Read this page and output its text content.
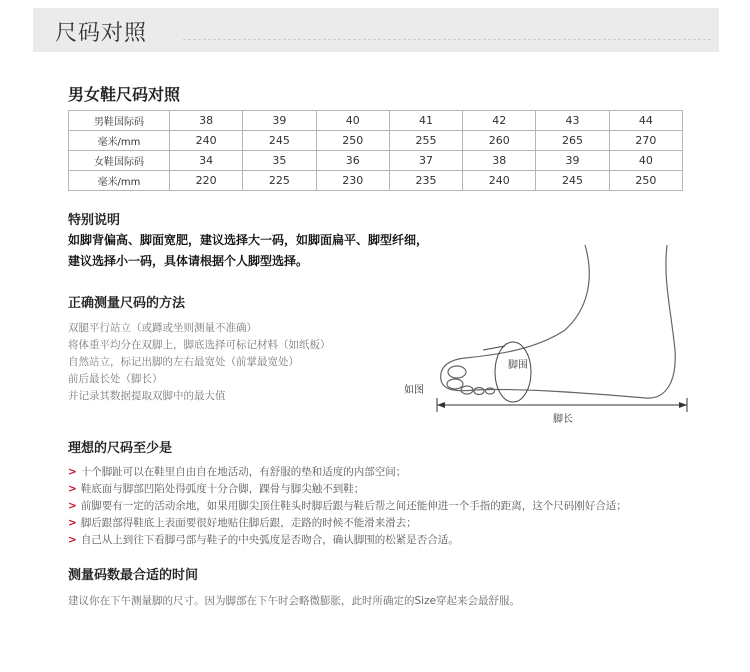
尺码对照
男女鞋尺码对照
男鞋国际码	38	39	40	41	42	43	44
毫米/mm	240	245	250	255	260	265	270
女鞋国际码	34	35	36	37	38	39	40
毫米/mm	220	225	230	235	240	245	250
特别说明
如脚背偏高、脚面宽肥，建议选择大一码，如脚面扁平、脚型纤细，
建议选择小一码，具体请根据个人脚型选择。
正确测量尺码的方法
双腿平行站立（或蹲或坐则测量不准确）
将体重平均分在双脚上，脚底选择可标记材料（如纸板）
自然站立，标记出脚的左右最宽处（前掌最宽处）
前后最长处（脚长）
并记录其数据提取双脚中的最大值
脚围
如图
脚长
理想的尺码至少是
> 十个脚趾可以在鞋里自由自在地活动，有舒服的垫和适度的内部空间；
> 鞋底面与脚部凹陷处得弧度十分合脚，踝骨与脚尖触不到鞋；
> 前脚要有一定的活动余地，如果用脚尖顶住鞋头时脚后跟与鞋后帮之间还能伸进一个手指的距离，这个尺码刚好合适；
> 脚后跟部得鞋底上表面要很好地贴住脚后跟，走路的时候不能滑来滑去；
> 自己从上到往下看脚弓部与鞋子的中央弧度是否吻合，确认脚围的松紧是否合适。
测量码数最合适的时间
建议你在下午测量脚的尺寸。因为脚部在下午时会略微膨胀，此时所确定的Size穿起来会最舒服。
